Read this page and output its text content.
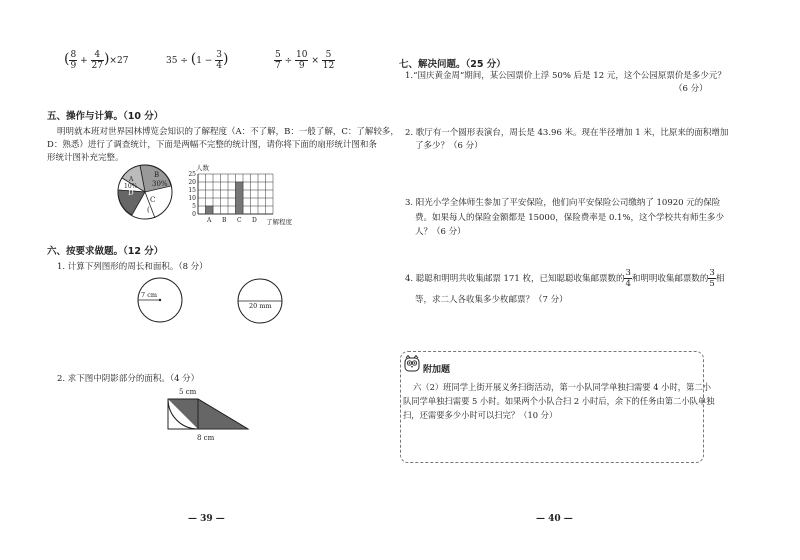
( $\frac{8}{9} + \frac{4}{27} )\times 27$	$35 \div (1 - \frac{3}{4}$ )	$\frac{5}{7} \div \frac{10}{9} \times \frac{5}{12}$
五、操作与计算。（10 分）
明明就本班对世界园林博览会知识的了解程度（A：不了解，B：一般了解，C：了解较多，
D：熟悉）进行了调查统计，下面是两幅不完整的统计图，请你将下面的扇形统计图和条
形统计图补充完整。
B
30%
A
10%
D
C
(
人数
25
20
15
10
5
0
A B C D 了解程度
六、按要求做题。（12 分）
1. 计算下列图形的周长和面积。（8 分）
7 cm
20 mm
2. 求下图中阴影部分的面积。（4 分）
5 cm
8 cm
— 39 —
七、解决问题。（25 分）
1.“国庆黄金周”期间，某公园票价上浮 50% 后是 12 元，这个公园原票价是多少元？
（6 分）
2. 歌厅有一个圆形表演台，周长是 43.96 米。现在半径增加 1 米，比原来的面积增加
了多少？（6 分）
3. 阳光小学全体师生参加了平安保险，他们向平安保险公司缴纳了 10920 元的保险
费。如果每人的保险金额都是 15000，保险费率是 0.1%，这个学校共有师生多少
人？（6 分）
4. 聪聪和明明共收集邮票 171 枚，已知聪聪收集邮票数的 $\frac{3}{4}$ 和明明收集邮票数的 $\frac{3}{5}$ 相
等，求二人各收集多少枚邮票？（7 分）
附加题
六（2）班同学上街开展义务扫街活动，第一小队同学单独扫需要 4 小时，第二小
队同学单独扫需要 5 小时。如果两个小队合扫 2 小时后，余下的任务由第二小队单独
扫，还需要多少小时可以扫完？（10 分）
— 40 —
